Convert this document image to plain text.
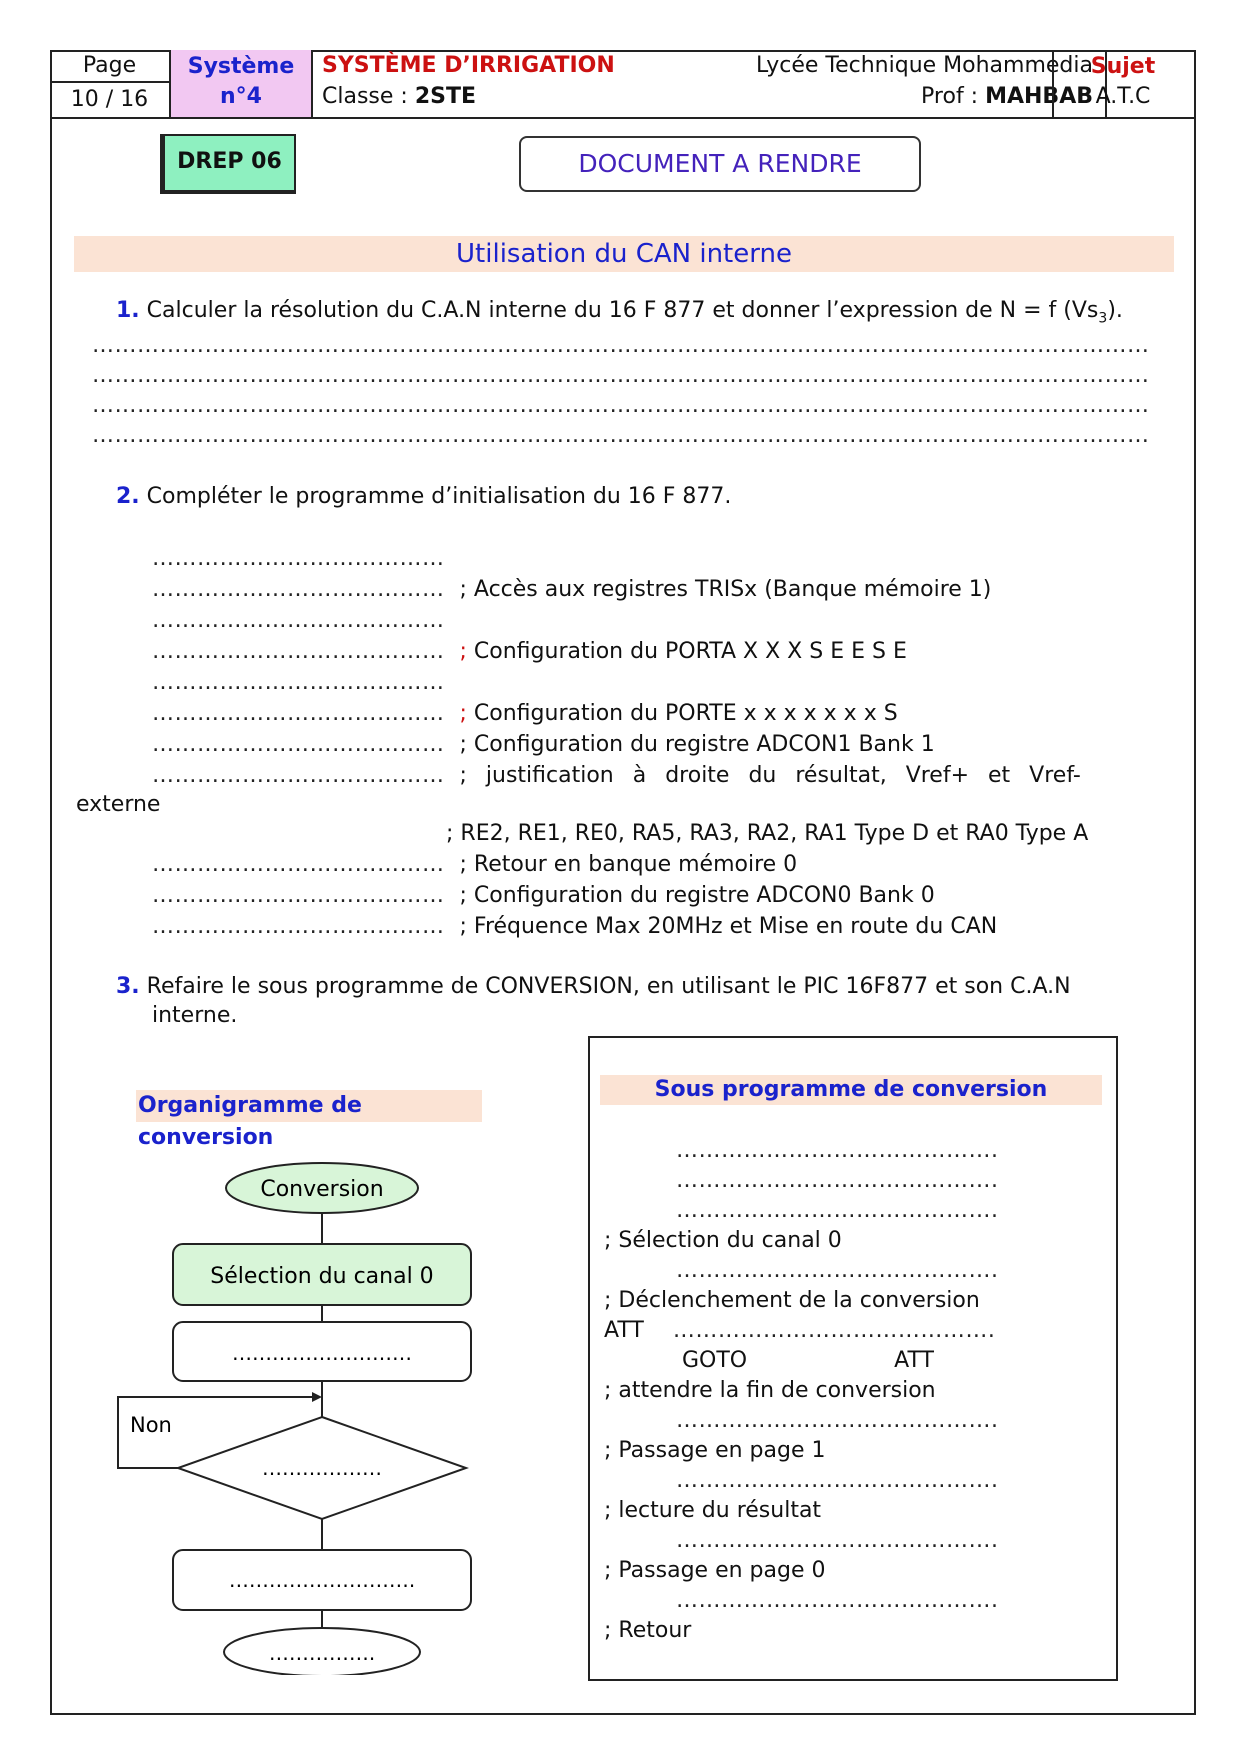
Page
10 / 16
Système
n°4
SYSTÈME D’IRRIGATION
Classe : 2STE
Lycée Technique Mohammedia
Prof : MAHBAB
Sujet
A.T.C
DREP 06	DOCUMENT A RENDRE
Utilisation du CAN interne
1. Calculer la résolution du C.A.N interne du 16 F 877 et donner l’expression de N = f $(Vs_3)$.
……………………………………………………………………………………………………………………………
……………………………………………………………………………………………………………………………
……………………………………………………………………………………………………………………………
……………………………………………………………………………………………………………………………
2. Compléter le programme d’initialisation du 16 F 877.
…………………………………
………………………………… ; Accès aux registres TRISx (Banque mémoire 1)
…………………………………
………………………………… ; Configuration du PORTA X X X S E E S E
…………………………………
………………………………… ; Configuration du PORTE x x x x x x x S
………………………………… ; Configuration du registre ADCON1 Bank 1
………………………………… ; justification à droite du résultat, Vref+ et Vref-
externe
; RE2, RE1, RE0, RA5, RA3, RA2, RA1 Type D et RA0 Type A
………………………………… ; Retour en banque mémoire 0
………………………………… ; Configuration du registre ADCON0 Bank 0
………………………………… ; Fréquence Max 20MHz et Mise en route du CAN
3. Refaire le sous programme de CONVERSION, en utilisant le PIC 16F877 et son C.A.N
interne.
Organigramme de conversion
Conversion
Sélection du canal 0
………………………
………………
Non
……………………….
…………….
Sous programme de conversion
…………………………………….
…………………………………….
…………………………………….
; Sélection du canal 0
…………………………………….
; Déclenchement de la conversion
ATT …………………………………….
GOTO	ATT
; attendre la fin de conversion
…………………………………….
; Passage en page 1
…………………………………….
; lecture du résultat
…………………………………….
; Passage en page 0
…………………………………….
; Retour
